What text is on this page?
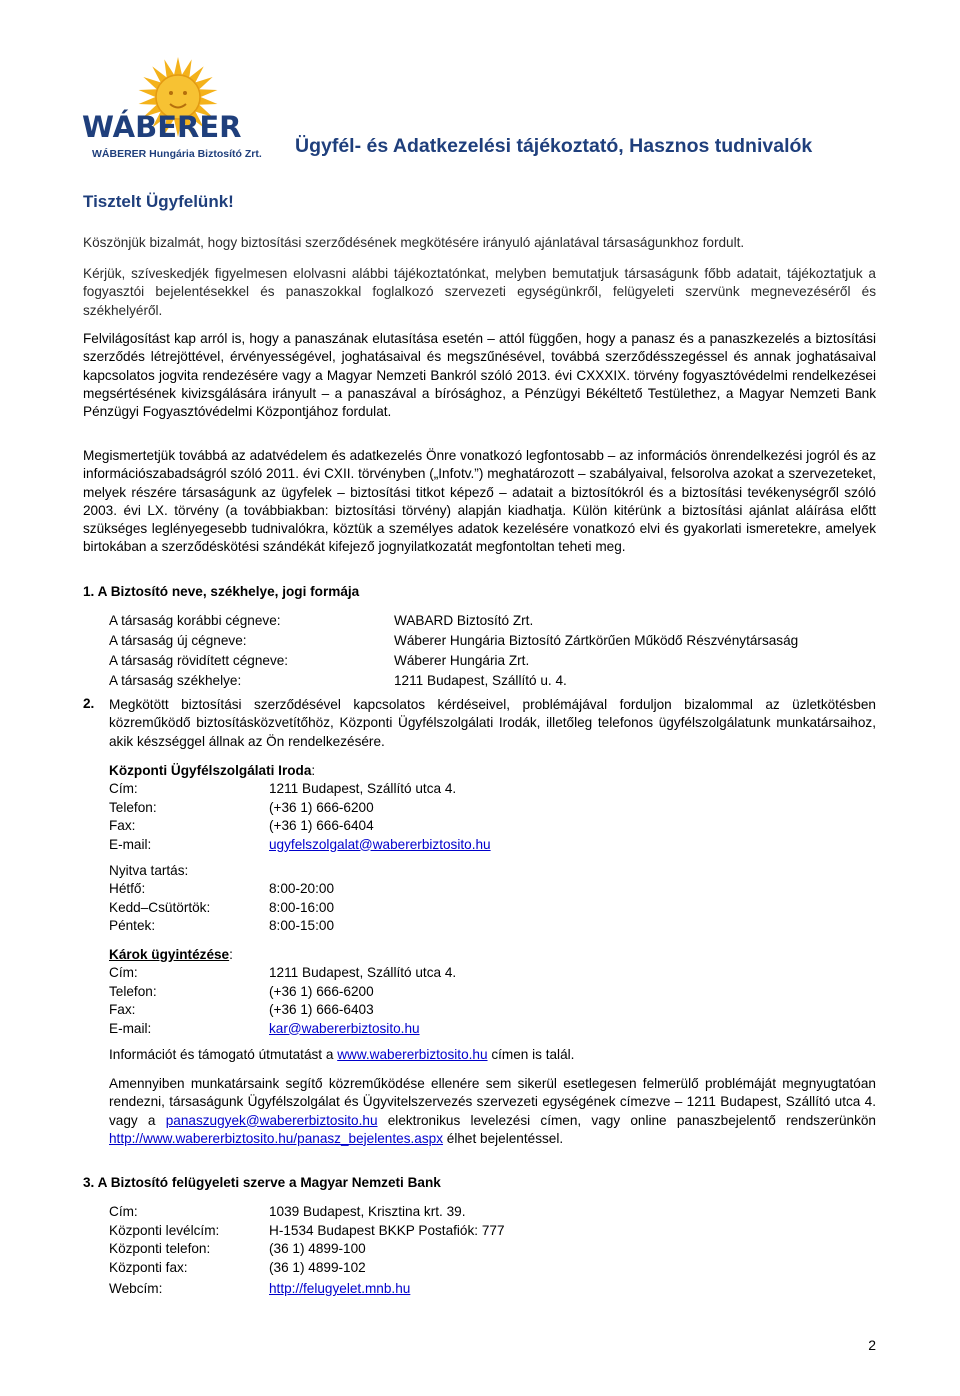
WÁBERER
WÁBERER Hungária Biztosító Zrt. Ügyfél- és Adatkezelési tájékoztató, Hasznos tudnivalók
Tisztelt Ügyfelünk!
Köszönjük bizalmát, hogy biztosítási szerződésének megkötésére irányuló ajánlatával társaságunkhoz fordult.
Kérjük, szíveskedjék figyelmesen elolvasni alábbi tájékoztatónkat, melyben bemutatjuk társaságunk főbb adatait, tájékoztatjuk a fogyasztói bejelentésekkel és panaszokkal foglalkozó szervezeti egységünkről, felügyeleti szervünk megnevezéséről és székhelyéről.
Felvilágosítást kap arról is, hogy a panaszának elutasítása esetén – attól függően, hogy a panasz és a panaszkezelés a biztosítási szerződés létrejöttével, érvényességével, joghatásaival és megszűnésével, továbbá szerződésszegéssel és annak joghatásaival kapcsolatos jogvita rendezésére vagy a Magyar Nemzeti Bankról szóló 2013. évi CXXXIX. törvény fogyasztóvédelmi rendelkezései megsértésének kivizsgálására irányult – a panaszával a bírósághoz, a Pénzügyi Békéltető Testülethez, a Magyar Nemzeti Bank Pénzügyi Fogyasztóvédelmi Központjához fordulat.
Megismertetjük továbbá az adatvédelem és adatkezelés Önre vonatkozó legfontosabb – az információs önrendelkezési jogról és az információszabadságról szóló 2011. évi CXII. törvényben („Infotv.”) meghatározott – szabályaival, felsorolva azokat a szervezeteket, melyek részére társaságunk az ügyfelek – biztosítási titkot képező – adatait a biztosítókról és a biztosítási tevékenységről szóló 2003. évi LX. törvény (a továbbiakban: biztosítási törvény) alapján kiadhatja. Külön kitérünk a biztosítási ajánlat aláírása előtt szükséges leglényegesebb tudnivalókra, köztük a személyes adatok kezelésére vonatkozó elvi és gyakorlati ismeretekre, amelyek birtokában a szerződéskötési szándékát kifejező jognyilatkozatát megfontoltan teheti meg.
1. A Biztosító neve, székhelye, jogi formája
A társaság korábbi cégneve:	WABARD Biztosító Zrt.
A társaság új cégneve:	Wáberer Hungária Biztosító Zártkörűen Működő Részvénytársaság
A társaság rövidített cégneve:	Wáberer Hungária Zrt.
A társaság székhelye:	1211 Budapest, Szállító u. 4.
2. Megkötött biztosítási szerződésével kapcsolatos kérdéseivel, problémájával forduljon bizalommal az üzletkötésben közreműködő biztosításközvetítőhöz, Központi Ügyfélszolgálati Irodák, illetőleg telefonos ügyfélszolgálatunk munkatársaihoz, akik készséggel állnak az Ön rendelkezésére.
Központi Ügyfélszolgálati Iroda:
Cím:	1211 Budapest, Szállító utca 4.
Telefon:	(+36 1) 666-6200
Fax:	(+36 1) 666-6404
E-mail:	ugyfelszolgalat@wabererbiztosito.hu
Nyitva tartás:
Hétfő:	8:00-20:00
Kedd–Csütörtök:	8:00-16:00
Péntek:	8:00-15:00
Károk ügyintézése:
Cím:	1211 Budapest, Szállító utca 4.
Telefon:	(+36 1) 666-6200
Fax:	(+36 1) 666-6403
E-mail:	kar@wabererbiztosito.hu
Információt és támogató útmutatást a www.wabererbiztosito.hu címen is talál.
Amennyiben munkatársaink segítő közreműködése ellenére sem sikerül esetlegesen felmerülő problémáját megnyugtatóan rendezni, társaságunk Ügyfélszolgálat és Ügyvitelszervezés szervezeti egységének címezve – 1211 Budapest, Szállító utca 4. vagy a panaszugyek@wabererbiztosito.hu elektronikus levelezési címen, vagy online panaszbejelentő rendszerünkön http://www.wabererbiztosito.hu/panasz_bejelentes.aspx élhet bejelentéssel.
3. A Biztosító felügyeleti szerve a Magyar Nemzeti Bank
Cím:	1039 Budapest, Krisztina krt. 39.
Központi levélcím:	H-1534 Budapest BKKP Postafiók: 777
Központi telefon:	(36 1) 4899-100
Központi fax:	(36 1) 4899-102
Webcím:	http://felugyelet.mnb.hu
2
